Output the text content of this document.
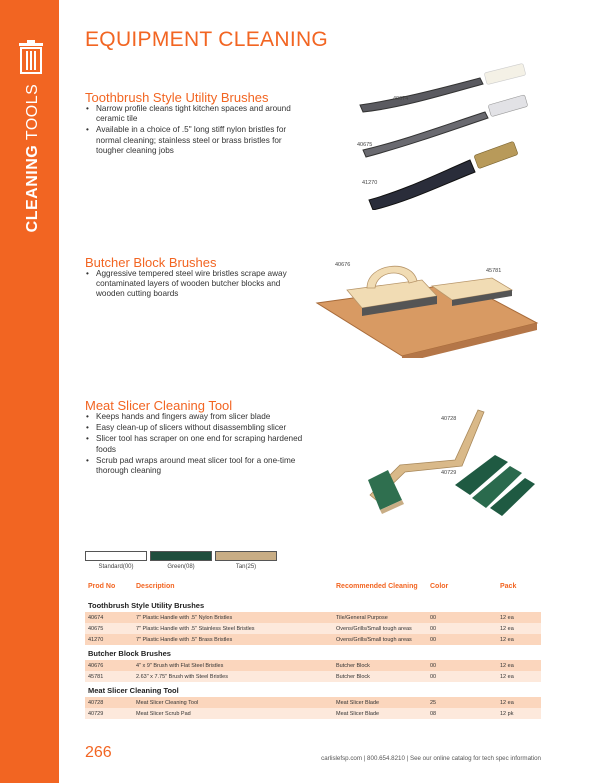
CLEANING TOOLS
EQUIPMENT CLEANING
Toothbrush Style Utility Brushes
• Narrow profile cleans tight kitchen spaces and around ceramic tile
• Available in a choice of .5" long stiff nylon bristles for normal cleaning; stainless steel or brass bristles for tougher cleaning jobs
40674
40675
41270
Butcher Block Brushes
• Aggressive tempered steel wire bristles scrape away contaminated layers of wooden butcher blocks and wooden cutting boards
40676
45781
Meat Slicer Cleaning Tool
• Keeps hands and fingers away from slicer blade
• Easy clean-up of slicers without disassembling slicer
• Slicer tool has scraper on one end for scraping hardened foods
• Scrub pad wraps around meat slicer tool for a one-time thorough cleaning
40728
40729
Standard(00)	Green(08)	Tan(25)
Prod No	Description	Recommended Cleaning	Color	Pack
Toothbrush Style Utility Brushes				
40674	7" Plastic Handle with .5" Nylon Bristles	Tile/General Purpose	00	12 ea
40675	7" Plastic Handle with .5" Stainless Steel Bristles	Ovens/Grills/Small tough areas	00	12 ea
41270	7" Plastic Handle with .5" Brass Bristles	Ovens/Grills/Small tough areas	00	12 ea
Butcher Block Brushes				
40676	4" x 9" Brush with Flat Steel Bristles	Butcher Block	00	12 ea
45781	2.63" x 7.75" Brush with Steel Bristles	Butcher Block	00	12 ea
Meat Slicer Cleaning Tool				
40728	Meat Slicer Cleaning Tool	Meat Slicer Blade	25	12 ea
40729	Meat Slicer Scrub Pad	Meat Slicer Blade	08	12 pk
266	carlislefsp.com | 800.654.8210 | See our online catalog for tech spec information
